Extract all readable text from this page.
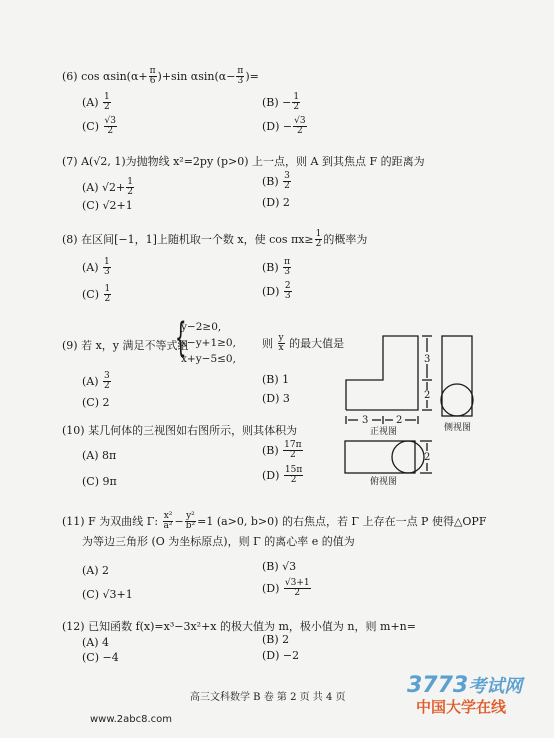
(6) $\cos \alpha\sin(\alpha+ \frac{\pi}{6} )+\sin$ $\alpha\sin(\alpha- \frac{\pi}{3}$ )=
$(A) \frac{1}{2}$	$(B) - \frac{1}{2}$
$(C) \frac{√3}{2}$	$(D) - \frac{√3}{2}$
(7) A(√2, 1)为抛物线 x²=2py (p>0) 上一点，则 A 到其焦点 F 的距离为
(A) $√2+ \frac{1}{2}$	$(B) \frac{3}{2}$
(C) √2+1	(D) 2
(8) 在区间[−1，1]上随机取一个数 x，使 $\cos \pi x\ge \frac{1}{2}$ 的概率为
$(A) \frac{1}{3}$	$(B) \frac{\pi}{3}$
$(C) \frac{1}{2}$	$(D) \frac{2}{3}$
(9) 若 x，y 满足不等式组
{
y−2≥0,
x−y+1≥0,
x+y−5≤0,
则 $\frac{y}{x}$ 的最大值是
$(A) \frac{3}{2}$	(B) 1
(C) 2	(D) 3
(10) 某几何体的三视图如右图所示，则其体积为
(A) 8π	$(B) \frac{17\pi}{2}$
(C) 9π	$(D) \frac{15\pi}{2}$
3	2
3
2
2
正视图	侧视图
俯视图
(11) F 为双曲线 Γ: $\frac{\text{x²}}{\text{a²}} - \frac{\text{y²}}{\text{b²}} =1$ (a>0, b>0) 的右焦点，若 Γ 上存在一点 P 使得△OPF
为等边三角形 (O 为坐标原点)，则 Γ 的离心率 e 的值为
(A) 2	(B) √3
(C) √3+1	$(D) \frac{√3+1}{2}$
(12) 已知函数 f(x)=x³−3x²+x 的极大值为 m，极小值为 n，则 m+n=
(A) 4	(B) 2
(C) −4	(D) −2
高三文科数学 B 卷 第 2 页 共 4 页
www.2abc8.com
3773考试网
中国大学在线
